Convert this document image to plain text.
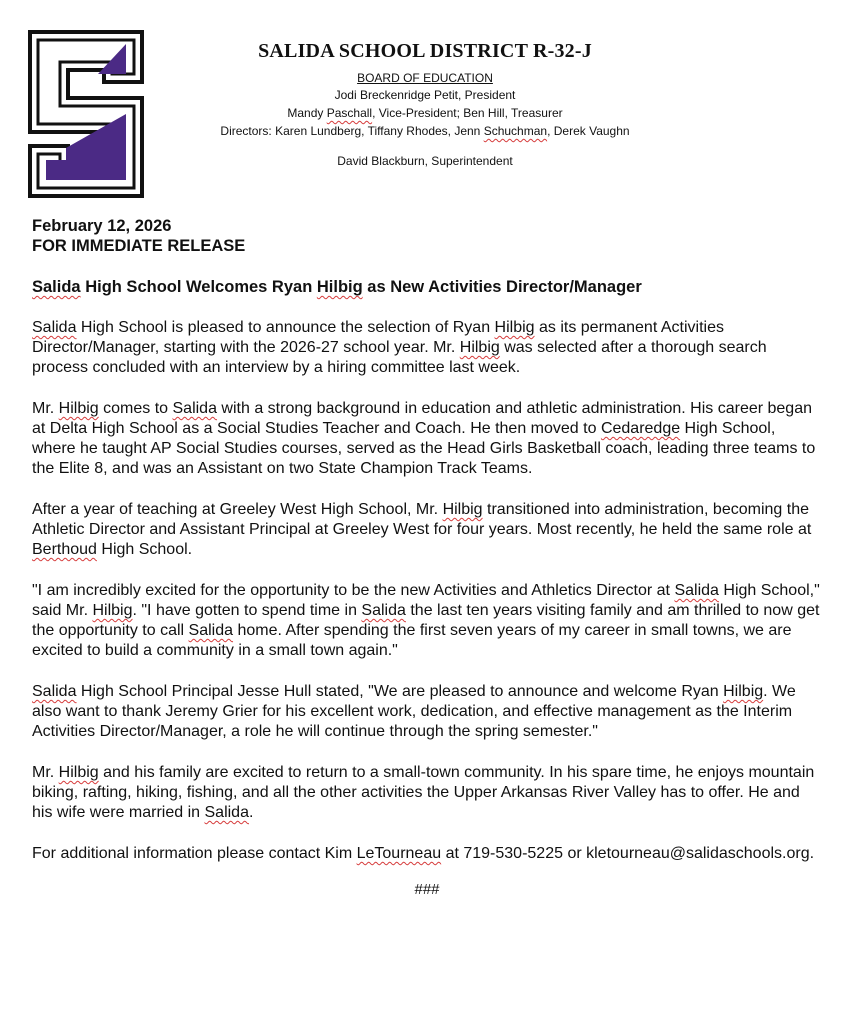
SALIDA SCHOOL DISTRICT R-32-J
BOARD OF EDUCATION
Jodi Breckenridge Petit, President
Mandy Paschall, Vice-President; Ben Hill, Treasurer
Directors: Karen Lundberg, Tiffany Rhodes, Jenn Schuchman, Derek Vaughn
David Blackburn, Superintendent
February 12, 2026
FOR IMMEDIATE RELEASE
Salida High School Welcomes Ryan Hilbig as New Activities Director/Manager
Salida High School is pleased to announce the selection of Ryan Hilbig as its permanent Activities Director/Manager, starting with the 2026-27 school year. Mr. Hilbig was selected after a thorough search process concluded with an interview by a hiring committee last week.
Mr. Hilbig comes to Salida with a strong background in education and athletic administration. His career began at Delta High School as a Social Studies Teacher and Coach. He then moved to Cedaredge High School, where he taught AP Social Studies courses, served as the Head Girls Basketball coach, leading three teams to the Elite 8, and was an Assistant on two State Champion Track Teams.
After a year of teaching at Greeley West High School, Mr. Hilbig transitioned into administration, becoming the Athletic Director and Assistant Principal at Greeley West for four years. Most recently, he held the same role at Berthoud High School.
"I am incredibly excited for the opportunity to be the new Activities and Athletics Director at Salida High School," said Mr. Hilbig. "I have gotten to spend time in Salida the last ten years visiting family and am thrilled to now get the opportunity to call Salida home. After spending the first seven years of my career in small towns, we are excited to build a community in a small town again."
Salida High School Principal Jesse Hull stated, "We are pleased to announce and welcome Ryan Hilbig. We also want to thank Jeremy Grier for his excellent work, dedication, and effective management as the Interim Activities Director/Manager, a role he will continue through the spring semester."
Mr. Hilbig and his family are excited to return to a small-town community. In his spare time, he enjoys mountain biking, rafting, hiking, fishing, and all the other activities the Upper Arkansas River Valley has to offer. He and his wife were married in Salida.
For additional information please contact Kim LeTourneau at 719-530-5225 or kletourneau@salidaschools.org.
###
